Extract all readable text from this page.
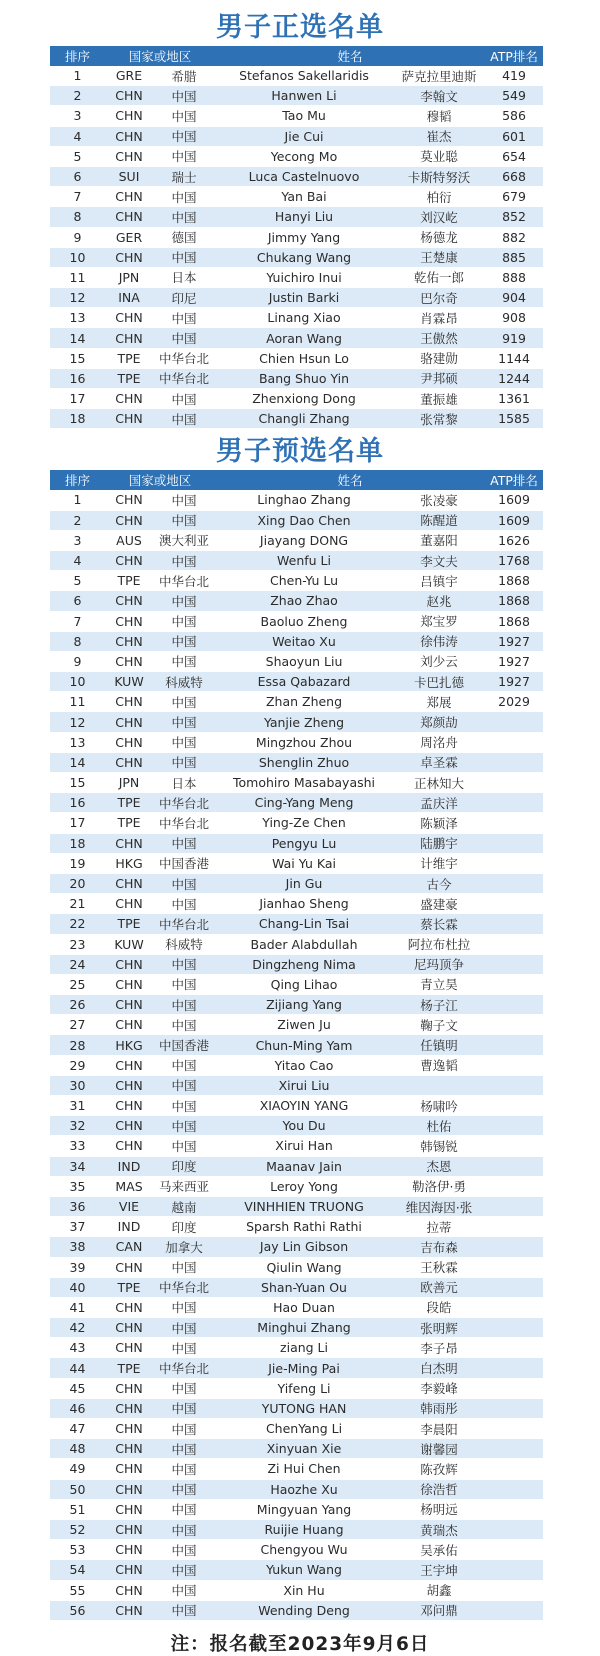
男子正选名单
排序	国家或地区		姓名		ATP排名
1	GRE	希腊	Stefanos Sakellaridis	萨克拉里迪斯	419
2	CHN	中国	Hanwen Li	李翰文	549
3	CHN	中国	Tao Mu	穆韬	586
4	CHN	中国	Jie Cui	崔杰	601
5	CHN	中国	Yecong Mo	莫业聪	654
6	SUI	瑞士	Luca Castelnuovo	卡斯特努沃	668
7	CHN	中国	Yan Bai	柏衍	679
8	CHN	中国	Hanyi Liu	刘汉屹	852
9	GER	德国	Jimmy Yang	杨德龙	882
10	CHN	中国	Chukang Wang	王楚康	885
11	JPN	日本	Yuichiro Inui	乾佑一郎	888
12	INA	印尼	Justin Barki	巴尔奇	904
13	CHN	中国	Linang Xiao	肖霖昂	908
14	CHN	中国	Aoran Wang	王傲然	919
15	TPE	中华台北	Chien Hsun Lo	骆建勋	1144
16	TPE	中华台北	Bang Shuo Yin	尹邦硕	1244
17	CHN	中国	Zhenxiong Dong	董振雄	1361
18	CHN	中国	Changli Zhang	张常黎	1585
男子预选名单
排序	国家或地区		姓名		ATP排名
1	CHN	中国	Linghao Zhang	张凌豪	1609
2	CHN	中国	Xing Dao Chen	陈醒道	1609
3	AUS	澳大利亚	Jiayang DONG	董嘉阳	1626
4	CHN	中国	Wenfu Li	李文夫	1768
5	TPE	中华台北	Chen-Yu Lu	吕镇宇	1868
6	CHN	中国	Zhao Zhao	赵兆	1868
7	CHN	中国	Baoluo Zheng	郑宝罗	1868
8	CHN	中国	Weitao Xu	徐伟涛	1927
9	CHN	中国	Shaoyun Liu	刘少云	1927
10	KUW	科威特	Essa Qabazard	卡巴扎德	1927
11	CHN	中国	Zhan Zheng	郑展	2029
12	CHN	中国	Yanjie Zheng	郑颜劼	
13	CHN	中国	Mingzhou Zhou	周洺舟	
14	CHN	中国	Shenglin Zhuo	卓圣霖	
15	JPN	日本	Tomohiro Masabayashi	正林知大	
16	TPE	中华台北	Cing-Yang Meng	孟庆洋	
17	TPE	中华台北	Ying-Ze Chen	陈颖泽	
18	CHN	中国	Pengyu Lu	陆鹏宇	
19	HKG	中国香港	Wai Yu Kai	计维宇	
20	CHN	中国	Jin Gu	古今	
21	CHN	中国	Jianhao Sheng	盛建豪	
22	TPE	中华台北	Chang-Lin Tsai	蔡长霖	
23	KUW	科威特	Bader Alabdullah	阿拉布杜拉	
24	CHN	中国	Dingzheng Nima	尼玛顶争	
25	CHN	中国	Qing Lihao	青立昊	
26	CHN	中国	Zijiang Yang	杨子江	
27	CHN	中国	Ziwen Ju	鞠子文	
28	HKG	中国香港	Chun-Ming Yam	任镇明	
29	CHN	中国	Yitao Cao	曹逸韬	
30	CHN	中国	Xirui Liu		
31	CHN	中国	XIAOYIN YANG	杨啸吟	
32	CHN	中国	You Du	杜佑	
33	CHN	中国	Xirui Han	韩锡锐	
34	IND	印度	Maanav Jain	杰恩	
35	MAS	马来西亚	Leroy Yong	勒洛伊·勇	
36	VIE	越南	VINHHIEN TRUONG	维因海因·张	
37	IND	印度	Sparsh Rathi Rathi	拉蒂	
38	CAN	加拿大	Jay Lin Gibson	吉布森	
39	CHN	中国	Qiulin Wang	王秋霖	
40	TPE	中华台北	Shan-Yuan Ou	欧善元	
41	CHN	中国	Hao Duan	段皓	
42	CHN	中国	Minghui Zhang	张明辉	
43	CHN	中国	ziang Li	李子昂	
44	TPE	中华台北	Jie-Ming Pai	白杰明	
45	CHN	中国	Yifeng Li	李毅峰	
46	CHN	中国	YUTONG HAN	韩雨彤	
47	CHN	中国	ChenYang Li	李晨阳	
48	CHN	中国	Xinyuan Xie	谢馨园	
49	CHN	中国	Zi Hui Chen	陈孜辉	
50	CHN	中国	Haozhe Xu	徐浩哲	
51	CHN	中国	Mingyuan Yang	杨明远	
52	CHN	中国	Ruijie Huang	黄瑞杰	
53	CHN	中国	Chengyou Wu	吴承佑	
54	CHN	中国	Yukun Wang	王宇坤	
55	CHN	中国	Xin Hu	胡鑫	
56	CHN	中国	Wending Deng	邓问鼎	
注：报名截至2023年9月6日
